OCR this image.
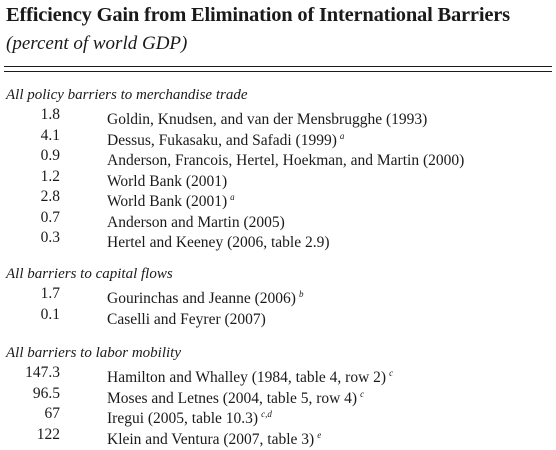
Efficiency Gain from Elimination of International Barriers
(percent of world GDP)
All policy barriers to merchandise trade
1.8	Goldin, Knudsen, and van der Mensbrugghe (1993)
4.1	Dessus, Fukasaku, and Safadi (1999) $^a$
0.9	Anderson, Francois, Hertel, Hoekman, and Martin (2000)
1.2	World Bank (2001)
2.8	World Bank (2001) $^a$
0.7	Anderson and Martin (2005)
0.3	Hertel and Keeney (2006, table 2.9)
All barriers to capital flows
1.7	Gourinchas and Jeanne (2006) $^b$
0.1	Caselli and Feyrer (2007)
All barriers to labor mobility
147.3	Hamilton and Whalley (1984, table 4, row 2) $^c$
96.5	Moses and Letnes (2004, table 5, row 4) $^c$
67	Iregui (2005, table 10.3) $^{c,d}$
122	Klein and Ventura (2007, table 3) $^e$
